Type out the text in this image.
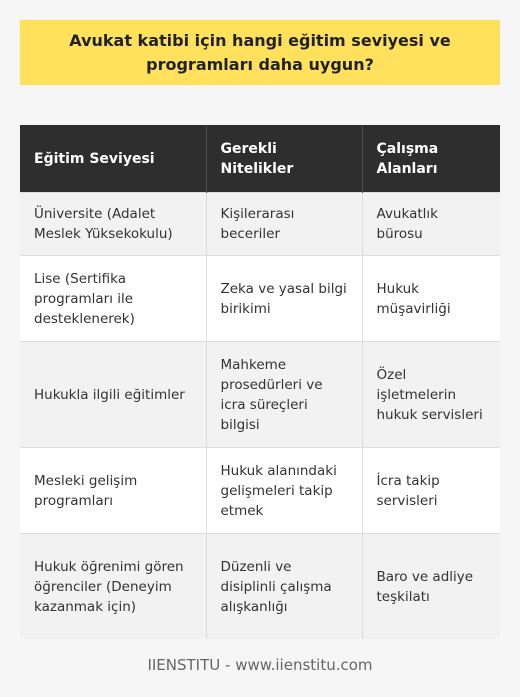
Avukat katibi için hangi eğitim seviyesi ve programları daha uygun?
Eğitim Seviyesi	Gerekli Nitelikler	Çalışma Alanları
Üniversite (Adalet Meslek Yüksekokulu)	Kişilerarası beceriler	Avukatlık bürosu
Lise (Sertifika programları ile desteklenerek)	Zeka ve yasal bilgi birikimi	Hukuk müşavirliği
Hukukla ilgili eğitimler	Mahkeme prosedürleri ve icra süreçleri bilgisi	Özel işletmelerin hukuk servisleri
Mesleki gelişim programları	Hukuk alanındaki gelişmeleri takip etmek	İcra takip servisleri
Hukuk öğrenimi gören öğrenciler (Deneyim kazanmak için)	Düzenli ve disiplinli çalışma alışkanlığı	Baro ve adliye teşkilatı
IIENSTITU - www.iienstitu.com
